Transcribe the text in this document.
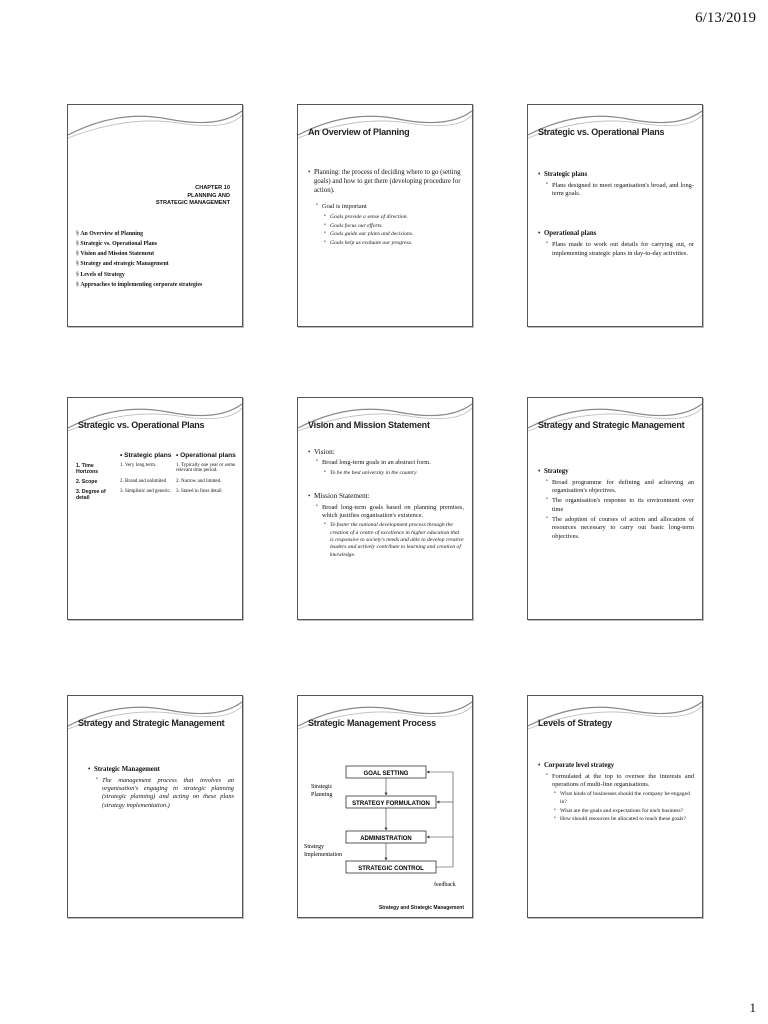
6/13/2019
CHAPTER 10
PLANNING AND
STRATEGIC MANAGEMENT
§ An Overview of Planning
§ Strategic vs. Operational Plans
§ Vision and Mission Statement
§ Strategy and strategic Management
§ Levels of Strategy
§ Approaches to implementing corporate strategies
An Overview of Planning
• Planning: the process of deciding where to go (setting goals) and how to get there (developing procedure for action).
• Goal is important
• Goals provide a sense of direction.
• Goals focus our efforts.
• Goals guide our plans and decisions.
• Goals help us evaluate our progress.
Strategic vs. Operational Plans
• Strategic plans
• Plans designed to meet organisation's broad, and long-term goals.
• Operational plans
• Plans made to work out details for carrying out, or implementing strategic plans in day-to-day activities.
Strategic vs. Operational Plans
	• Strategic plans	• Operational plans
1. Time Horizons	1. Very long term.	1. Typically one year or some relevant time period.
2. Scope	2. Broad and unlimited	2. Narrow and limited.
3. Degree of detail	3. Simplistic and generic.	3. Stated in finer detail
Vision and Mission Statement
• Vision:
• Broad long-term goals in an abstract form.
• To be the best university in the country
• Mission Statement:
• Broad long-term goals based on planning premises, which justifies organisation's existence.
• To foster the national development process through the creation of a centre of excellence in higher education that is responsive to society's needs and able to develop creative leaders and actively contribute to learning and creation of knowledge.
Strategy and Strategic Management
• Strategy
• Broad programme for defining and achieving an organisation's objectives.
• The organisation's response to its environment over time
• The adoption of courses of action and allocation of resources necessary to carry out basic long-term objectives.
Strategy and Strategic Management
• Strategic Management
• The management process that involves an organisation's engaging in strategic planning (strategic planning) and acting on these plans (strategy implementation.)
Strategic Management Process
GOAL SETTING
STRATEGY FORMULATION
ADMINISTRATION
STRATEGIC CONTROL
Strategic Planning
Strategy Implementation
feedback
Strategy and Strategic Management
Levels of Strategy
• Corporate level strategy
• Formulated at the top to oversee the interests and operations of multi-line organisations.
• What kinds of businesses should the company be engaged in?
• What are the goals and expectations for each business?
• How should resources be allocated to reach these goals?
1
